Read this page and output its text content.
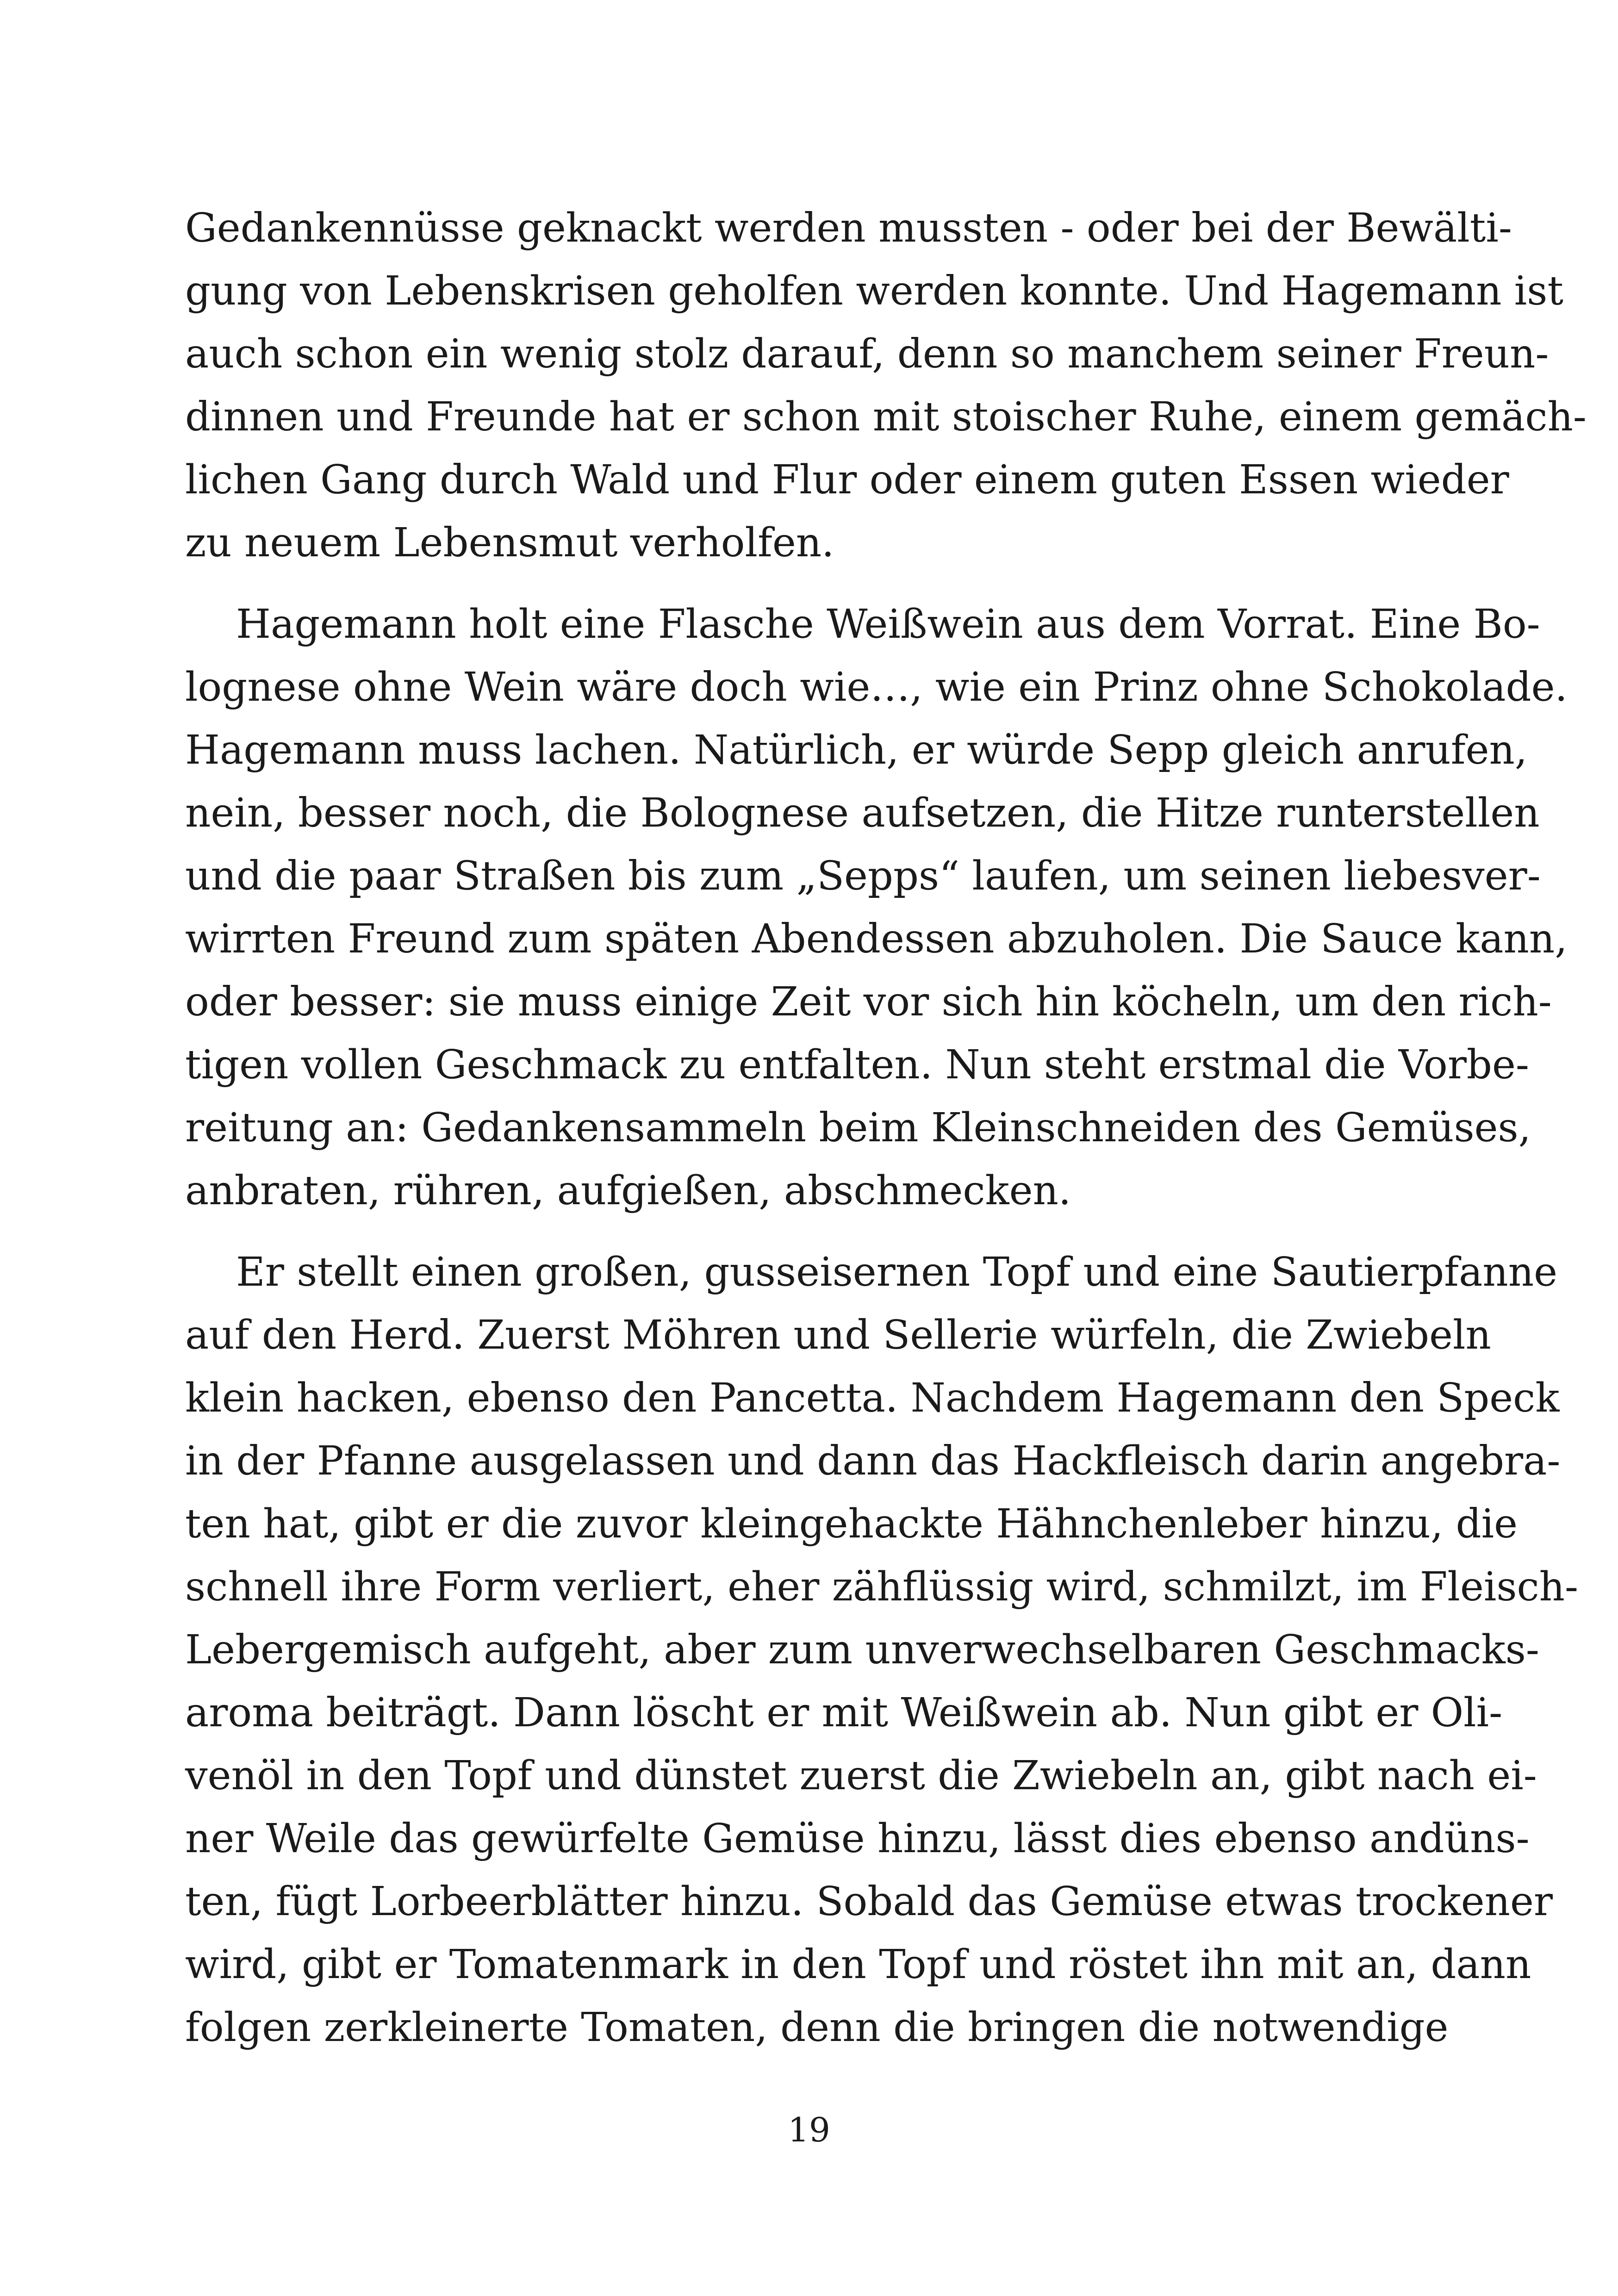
Gedankennüsse geknackt werden mussten - oder bei der Bewälti-
gung von Lebenskrisen geholfen werden konnte. Und Hagemann ist
auch schon ein wenig stolz darauf, denn so manchem seiner Freun-
dinnen und Freunde hat er schon mit stoischer Ruhe, einem gemäch-
lichen Gang durch Wald und Flur oder einem guten Essen wieder
zu neuem Lebensmut verholfen.
Hagemann holt eine Flasche Weißwein aus dem Vorrat. Eine Bo-
lognese ohne Wein wäre doch wie…, wie ein Prinz ohne Schokolade.
Hagemann muss lachen. Natürlich, er würde Sepp gleich anrufen,
nein, besser noch, die Bolognese aufsetzen, die Hitze runterstellen
und die paar Straßen bis zum „Sepps“ laufen, um seinen liebesver-
wirrten Freund zum späten Abendessen abzuholen. Die Sauce kann,
oder besser: sie muss einige Zeit vor sich hin köcheln, um den rich-
tigen vollen Geschmack zu entfalten. Nun steht erstmal die Vorbe-
reitung an: Gedankensammeln beim Kleinschneiden des Gemüses,
anbraten, rühren, aufgießen, abschmecken.
Er stellt einen großen, gusseisernen Topf und eine Sautierpfanne
auf den Herd. Zuerst Möhren und Sellerie würfeln, die Zwiebeln
klein hacken, ebenso den Pancetta. Nachdem Hagemann den Speck
in der Pfanne ausgelassen und dann das Hackfleisch darin angebra-
ten hat, gibt er die zuvor kleingehackte Hähnchenleber hinzu, die
schnell ihre Form verliert, eher zähflüssig wird, schmilzt, im Fleisch-
Lebergemisch aufgeht, aber zum unverwechselbaren Geschmacks-
aroma beiträgt. Dann löscht er mit Weißwein ab. Nun gibt er Oli-
venöl in den Topf und dünstet zuerst die Zwiebeln an, gibt nach ei-
ner Weile das gewürfelte Gemüse hinzu, lässt dies ebenso andüns-
ten, fügt Lorbeerblätter hinzu. Sobald das Gemüse etwas trockener
wird, gibt er Tomatenmark in den Topf und röstet ihn mit an, dann
folgen zerkleinerte Tomaten, denn die bringen die notwendige
19
